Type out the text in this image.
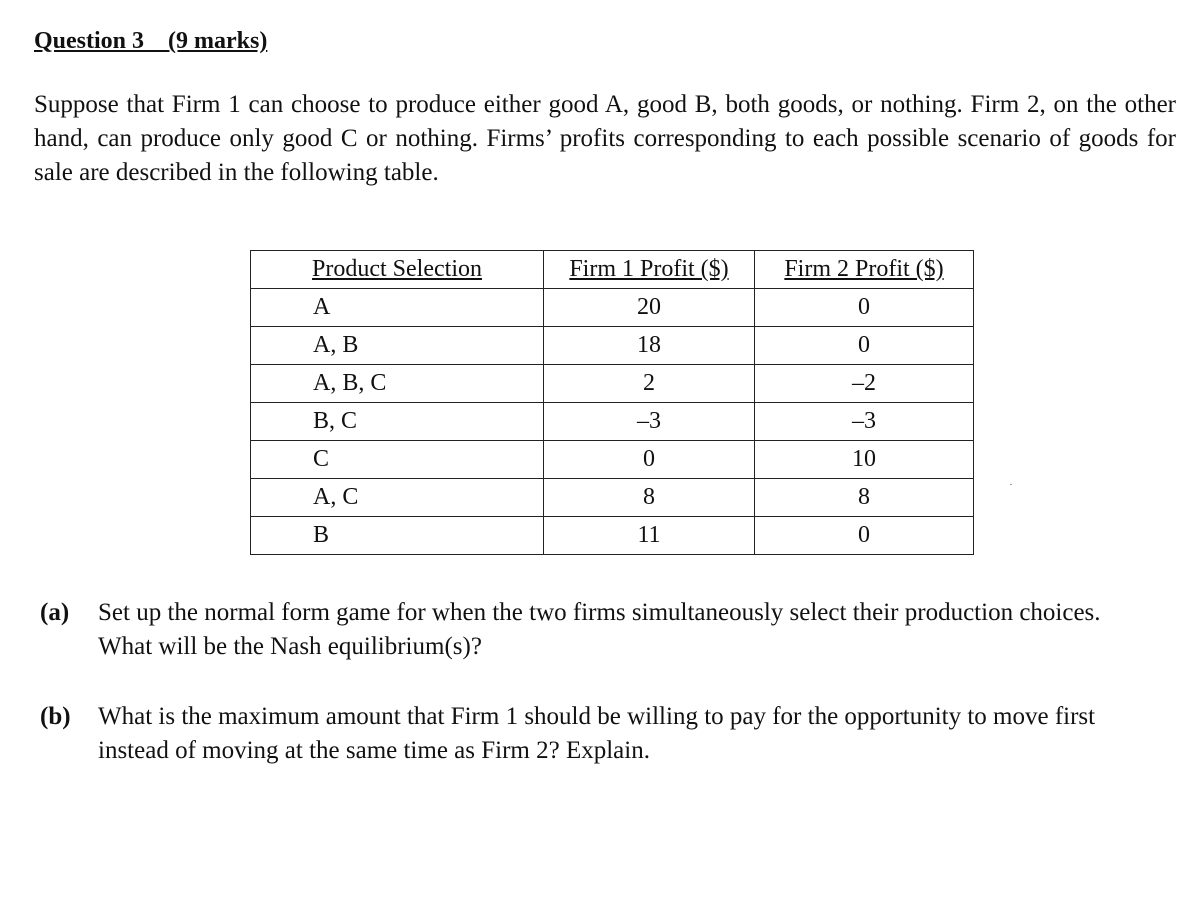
Question 3 (9 marks)

Suppose that Firm 1 can choose to produce either good A, good B, both goods, or nothing. Firm 2, on the other hand, can produce only good C or nothing. Firms’ profits corresponding to each possible scenario of goods for sale are described in the following table.

Product Selection	Firm 1 Profit ($)	Firm 2 Profit ($)
A	20	0
A, B	18	0
A, B, C	2	–2
B, C	–3	–3
C	0	10
A, C	8	8
B	11	0
(a) Set up the normal form game for when the two firms simultaneously select their production choices. What will be the Nash equilibrium(s)?
(b) What is the maximum amount that Firm 1 should be willing to pay for the opportunity to move first instead of moving at the same time as Firm 2? Explain.
